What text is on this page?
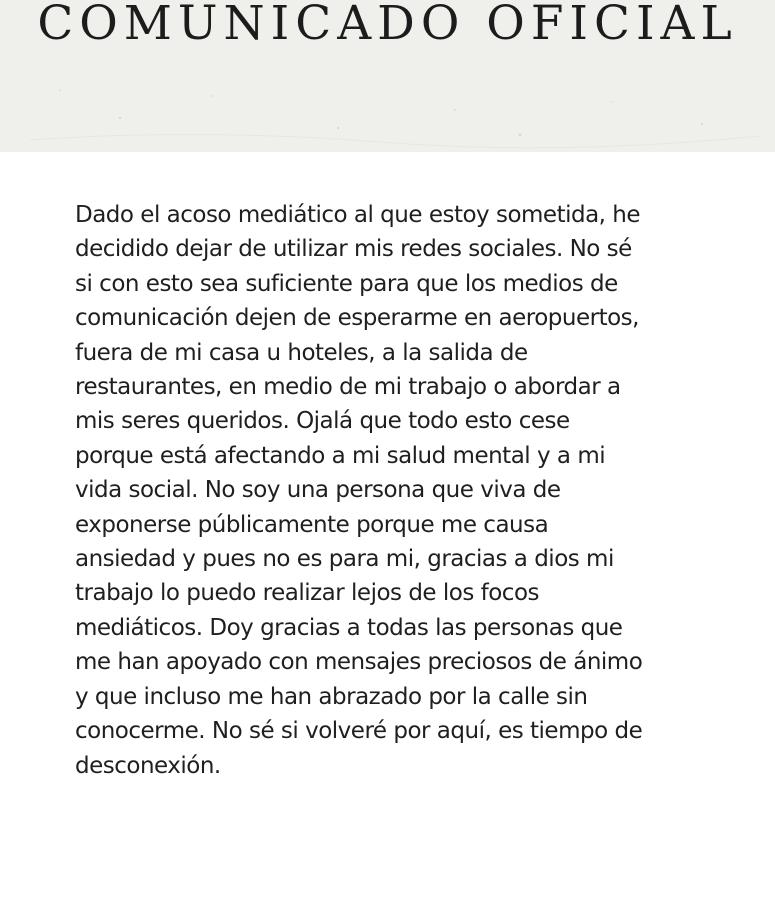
COMUNICADO OFICIAL
Dado el acoso mediático al que estoy sometida, he
decidido dejar de utilizar mis redes sociales. No sé
si con esto sea suficiente para que los medios de
comunicación dejen de esperarme en aeropuertos,
fuera de mi casa u hoteles, a la salida de
restaurantes, en medio de mi trabajo o abordar a
mis seres queridos. Ojalá que todo esto cese
porque está afectando a mi salud mental y a mi
vida social. No soy una persona que viva de
exponerse públicamente porque me causa
ansiedad y pues no es para mi, gracias a dios mi
trabajo lo puedo realizar lejos de los focos
mediáticos. Doy gracias a todas las personas que
me han apoyado con mensajes preciosos de ánimo
y que incluso me han abrazado por la calle sin
conocerme. No sé si volveré por aquí, es tiempo de
desconexión.
